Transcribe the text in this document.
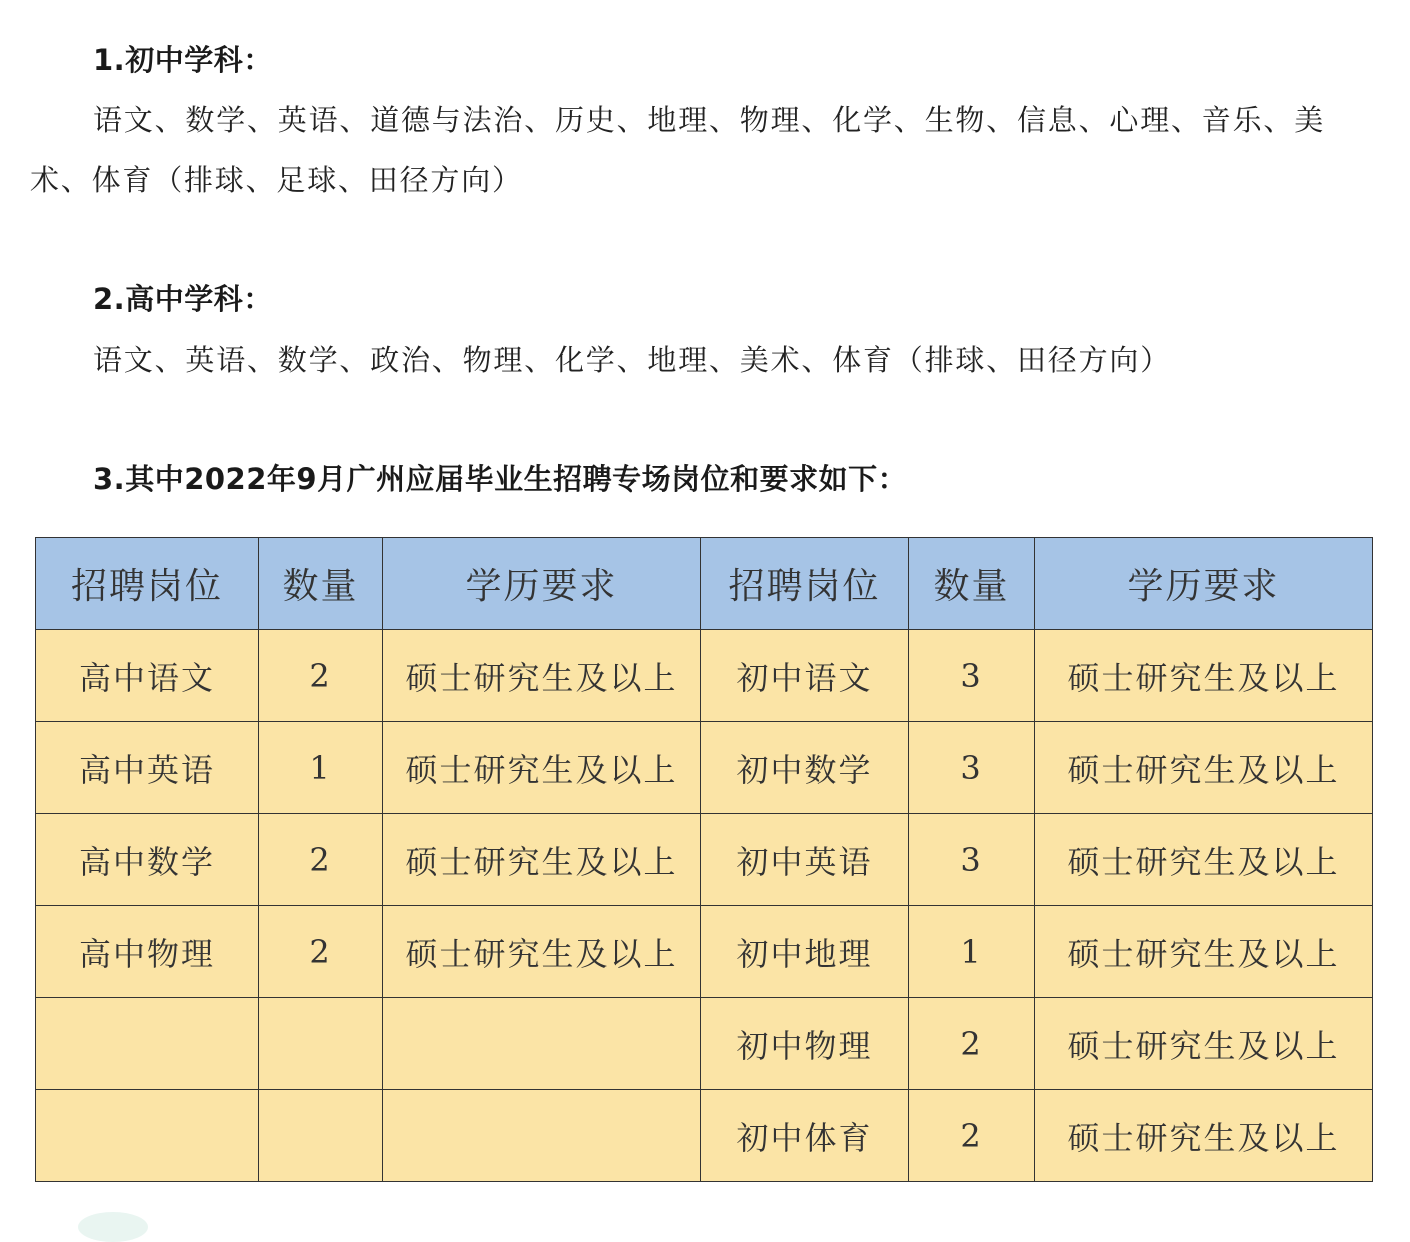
1.初中学科：
语文、数学、英语、道德与法治、历史、地理、物理、化学、生物、信息、心理、音乐、美
术、体育（排球、足球、田径方向）
2.高中学科：
语文、英语、数学、政治、物理、化学、地理、美术、体育（排球、田径方向）
3.其中2022年9月广州应届毕业生招聘专场岗位和要求如下：
招聘岗位	数量	学历要求	招聘岗位	数量	学历要求
高中语文	2	硕士研究生及以上	初中语文	3	硕士研究生及以上
高中英语	1	硕士研究生及以上	初中数学	3	硕士研究生及以上
高中数学	2	硕士研究生及以上	初中英语	3	硕士研究生及以上
高中物理	2	硕士研究生及以上	初中地理	1	硕士研究生及以上
			初中物理	2	硕士研究生及以上
			初中体育	2	硕士研究生及以上
